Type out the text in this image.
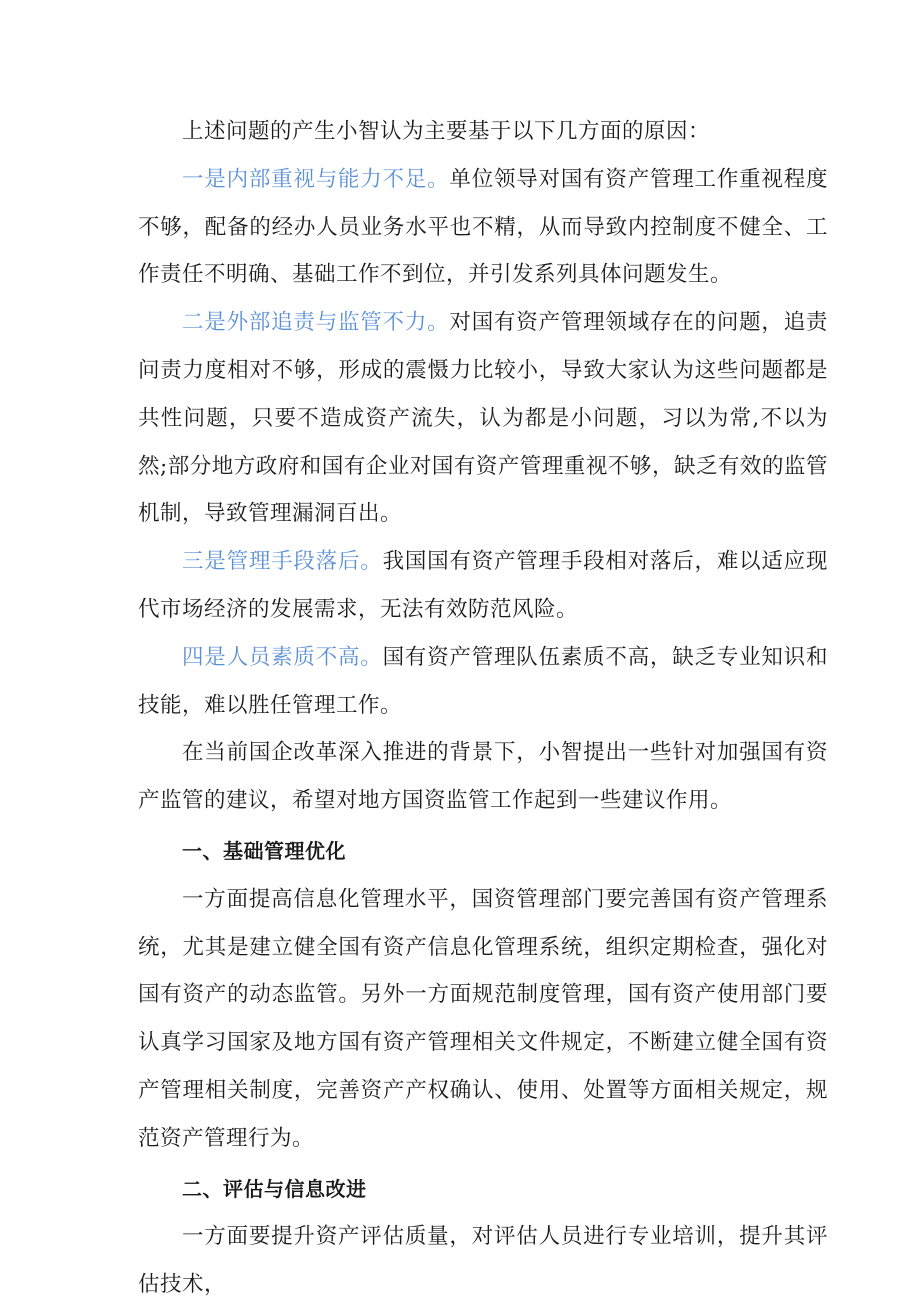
上述问题的产生小智认为主要基于以下几方面的原因：

一是内部重视与能力不足。单位领导对国有资产管理工作重视程度不够，配备的经办人员业务水平也不精，从而导致内控制度不健全、工作责任不明确、基础工作不到位，并引发系列具体问题发生。

二是外部追责与监管不力。对国有资产管理领域存在的问题，追责问责力度相对不够，形成的震慑力比较小，导致大家认为这些问题都是共性问题，只要不造成资产流失，认为都是小问题，习以为常,不以为然;部分地方政府和国有企业对国有资产管理重视不够，缺乏有效的监管机制，导致管理漏洞百出。

三是管理手段落后。我国国有资产管理手段相对落后，难以适应现代市场经济的发展需求，无法有效防范风险。

四是人员素质不高。国有资产管理队伍素质不高，缺乏专业知识和技能，难以胜任管理工作。

在当前国企改革深入推进的背景下，小智提出一些针对加强国有资产监管的建议，希望对地方国资监管工作起到一些建议作用。

一、基础管理优化

一方面提高信息化管理水平，国资管理部门要完善国有资产管理系统，尤其是建立健全国有资产信息化管理系统，组织定期检查，强化对国有资产的动态监管。另外一方面规范制度管理，国有资产使用部门要认真学习国家及地方国有资产管理相关文件规定，不断建立健全国有资产管理相关制度，完善资产产权确认、使用、处置等方面相关规定，规范资产管理行为。

二、评估与信息改进

一方面要提升资产评估质量，对评估人员进行专业培训，提升其评估技术，
